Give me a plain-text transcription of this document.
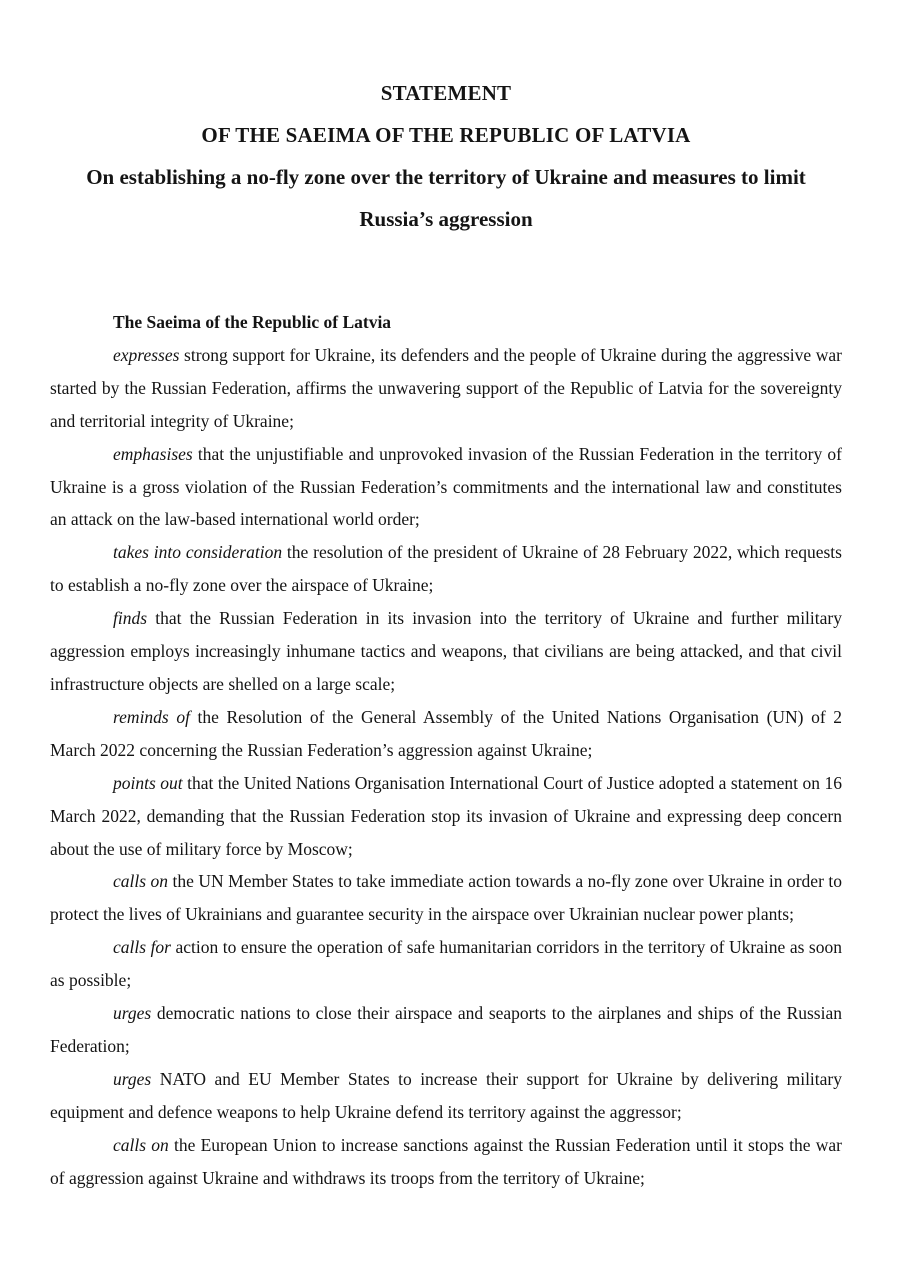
STATEMENT
OF THE SAEIMA OF THE REPUBLIC OF LATVIA
On establishing a no-fly zone over the territory of Ukraine and measures to limit Russia’s aggression

The Saeima of the Republic of Latvia

expresses strong support for Ukraine, its defenders and the people of Ukraine during the aggressive war started by the Russian Federation, affirms the unwavering support of the Republic of Latvia for the sovereignty and territorial integrity of Ukraine;

emphasises that the unjustifiable and unprovoked invasion of the Russian Federation in the territory of Ukraine is a gross violation of the Russian Federation’s commitments and the international law and constitutes an attack on the law-based international world order;

takes into consideration the resolution of the president of Ukraine of 28 February 2022, which requests to establish a no-fly zone over the airspace of Ukraine;

finds that the Russian Federation in its invasion into the territory of Ukraine and further military aggression employs increasingly inhumane tactics and weapons, that civilians are being attacked, and that civil infrastructure objects are shelled on a large scale;

reminds of the Resolution of the General Assembly of the United Nations Organisation (UN) of 2 March 2022 concerning the Russian Federation’s aggression against Ukraine;

points out that the United Nations Organisation International Court of Justice adopted a statement on 16 March 2022, demanding that the Russian Federation stop its invasion of Ukraine and expressing deep concern about the use of military force by Moscow;

calls on the UN Member States to take immediate action towards a no-fly zone over Ukraine in order to protect the lives of Ukrainians and guarantee security in the airspace over Ukrainian nuclear power plants;

calls for action to ensure the operation of safe humanitarian corridors in the territory of Ukraine as soon as possible;

urges democratic nations to close their airspace and seaports to the airplanes and ships of the Russian Federation;

urges NATO and EU Member States to increase their support for Ukraine by delivering military equipment and defence weapons to help Ukraine defend its territory against the aggressor;

calls on the European Union to increase sanctions against the Russian Federation until it stops the war of aggression against Ukraine and withdraws its troops from the territory of Ukraine;
